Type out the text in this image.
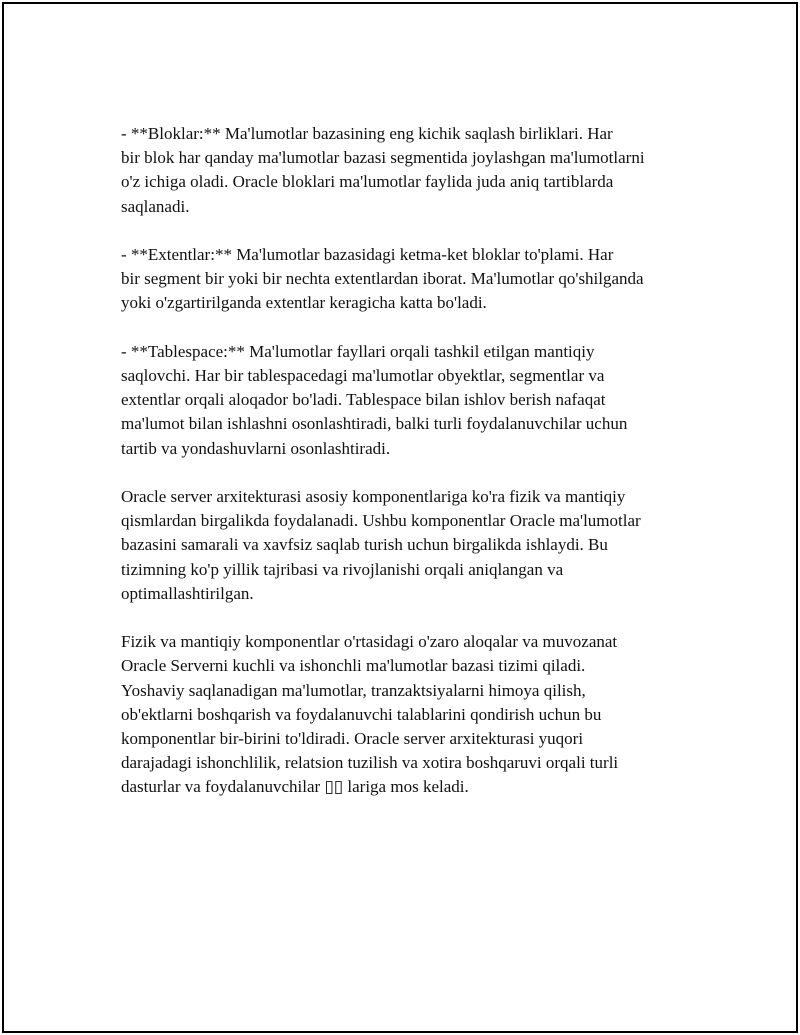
- **Bloklar:** Ma'lumotlar bazasining eng kichik saqlash birliklari. Har
bir blok har qanday ma'lumotlar bazasi segmentida joylashgan ma'lumotlarni
o'z ichiga oladi. Oracle bloklari ma'lumotlar faylida juda aniq tartiblarda
saqlanadi.

- **Extentlar:** Ma'lumotlar bazasidagi ketma-ket bloklar to'plami. Har
bir segment bir yoki bir nechta extentlardan iborat. Ma'lumotlar qo'shilganda
yoki o'zgartirilganda extentlar keragicha katta bo'ladi.

- **Tablespace:** Ma'lumotlar fayllari orqali tashkil etilgan mantiqiy
saqlovchi. Har bir tablespacedagi ma'lumotlar obyektlar, segmentlar va
extentlar orqali aloqador bo'ladi. Tablespace bilan ishlov berish nafaqat
ma'lumot bilan ishlashni osonlashtiradi, balki turli foydalanuvchilar uchun
tartib va yondashuvlarni osonlashtiradi.

Oracle server arxitekturasi asosiy komponentlariga ko'ra fizik va mantiqiy
qismlardan birgalikda foydalanadi. Ushbu komponentlar Oracle ma'lumotlar
bazasini samarali va xavfsiz saqlab turish uchun birgalikda ishlaydi. Bu
tizimning ko'p yillik tajribasi va rivojlanishi orqali aniqlangan va
optimallashtirilgan.

Fizik va mantiqiy komponentlar o'rtasidagi o'zaro aloqalar va muvozanat
Oracle Serverni kuchli va ishonchli ma'lumotlar bazasi tizimi qiladi.
Yoshaviy saqlanadigan ma'lumotlar, tranzaktsiyalarni himoya qilish,
ob'ektlarni boshqarish va foydalanuvchi talablarini qondirish uchun bu
komponentlar bir-birini to'ldiradi. Oracle server arxitekturasi yuqori
darajadagi ishonchlilik, relatsion tuzilish va xotira boshqaruvi orqali turli
dasturlar va foydalanuvchilar ▯▯ lariga mos keladi.
